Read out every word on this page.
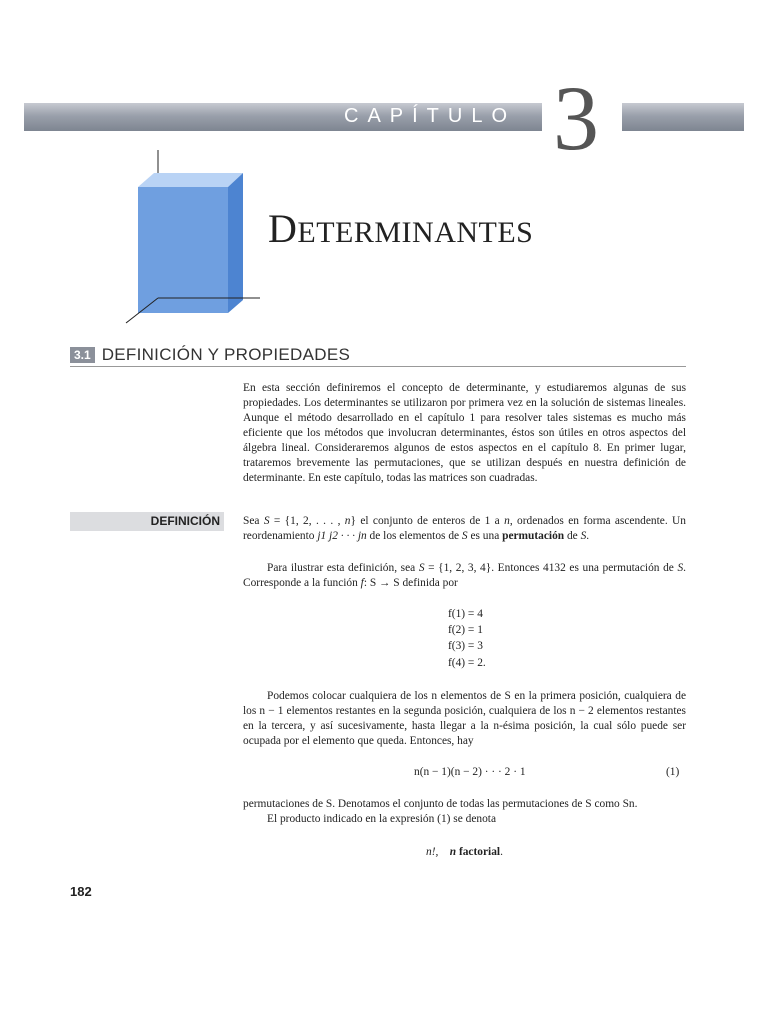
CAPÍTULO 3
DETERMINANTES
3.1 DEFINICIÓN Y PROPIEDADES
En esta sección definiremos el concepto de determinante, y estudiaremos algunas de sus propiedades. Los determinantes se utilizaron por primera vez en la solución de sistemas lineales. Aunque el método desarrollado en el capítulo 1 para resolver tales sistemas es mucho más eficiente que los métodos que involucran determinantes, éstos son útiles en otros aspectos del álgebra lineal. Consideraremos algunos de estos aspectos en el capítulo 8. En primer lugar, trataremos brevemente las permutaciones, que se utilizan después en nuestra definición de determinante. En este capítulo, todas las matrices son cuadradas.
DEFINICIÓN	Sea S = {1, 2, . . . , n} el conjunto de enteros de 1 a n, ordenados en forma ascendente. Un reordenamiento j1 j2 · · · jn de los elementos de S es una permutación de S.
Para ilustrar esta definición, sea S = {1, 2, 3, 4}. Entonces 4132 es una permutación de S. Corresponde a la función f: S → S definida por
f(1) = 4
f(2) = 1
f(3) = 3
f(4) = 2.
Podemos colocar cualquiera de los n elementos de S en la primera posición, cualquiera de los n − 1 elementos restantes en la segunda posición, cualquiera de los n − 2 elementos restantes en la tercera, y así sucesivamente, hasta llegar a la n-ésima posición, la cual sólo puede ser ocupada por el elemento que queda. Entonces, hay
n(n − 1)(n − 2) · · · 2 · 1	(1)
permutaciones de S. Denotamos el conjunto de todas las permutaciones de S como Sn.
El producto indicado en la expresión (1) se denota
n!, n factorial.
182
